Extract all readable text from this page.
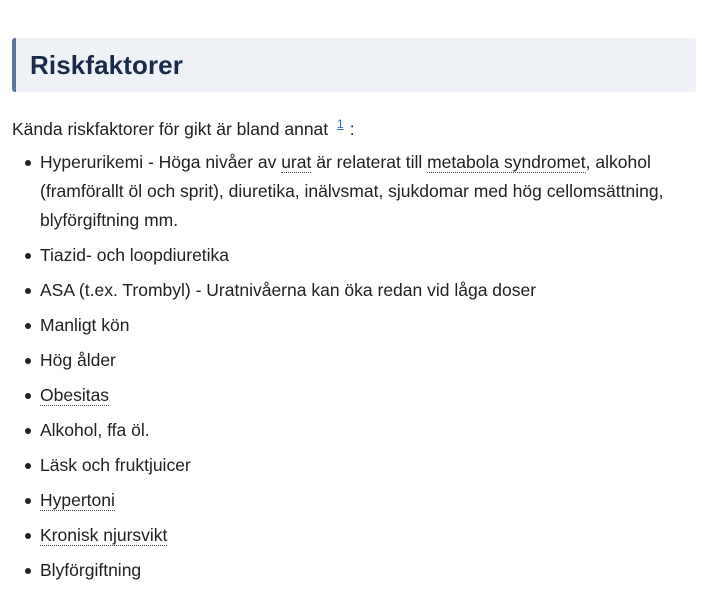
Riskfaktorer

Kända riskfaktorer för gikt är bland annat $^1$ :

Hyperurikemi - Höga nivåer av urat är relaterat till metabola syndromet, alkohol (framförallt öl och sprit), diuretika, inälvsmat, sjukdomar med hög cellomsättning, blyförgiftning mm.
Tiazid- och loopdiuretika
ASA (t.ex. Trombyl) - Uratnivåerna kan öka redan vid låga doser
Manligt kön
Hög ålder
Obesitas
Alkohol, ffa öl.
Läsk och fruktjuicer
Hypertoni
Kronisk njursvikt
Blyförgiftning
